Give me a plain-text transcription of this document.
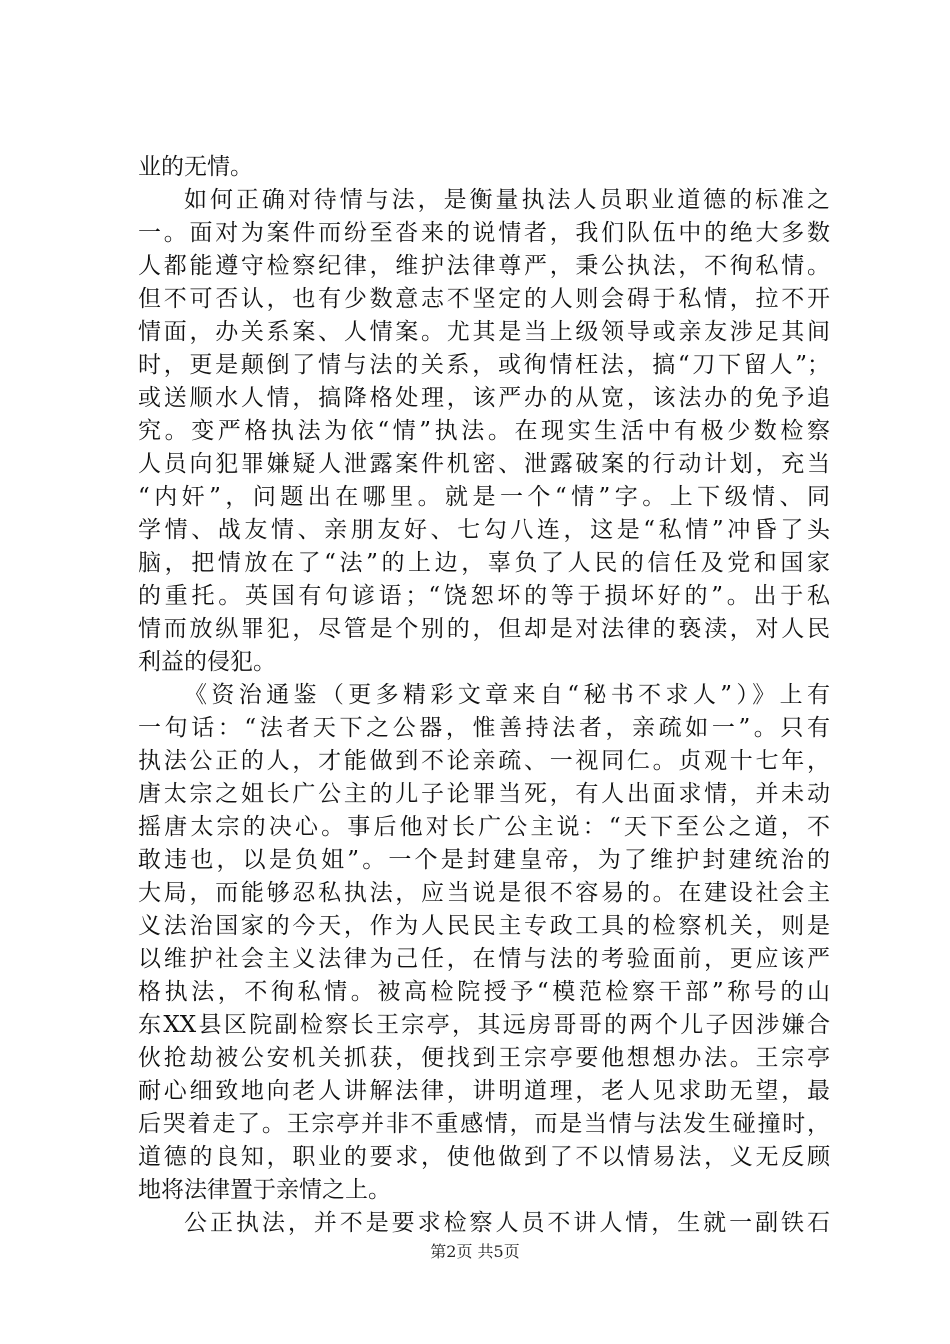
业的无情。
如何正确对待情与法，是衡量执法人员职业道德的标准之
一。面对为案件而纷至沓来的说情者，我们队伍中的绝大多数
人都能遵守检察纪律，维护法律尊严，秉公执法，不徇私情。
但不可否认，也有少数意志不坚定的人则会碍于私情，拉不开
情面，办关系案、人情案。尤其是当上级领导或亲友涉足其间
时，更是颠倒了情与法的关系，或徇情枉法，搞“刀下留人”；
或送顺水人情，搞降格处理，该严办的从宽，该法办的免予追
究。变严格执法为依“情”执法。在现实生活中有极少数检察
人员向犯罪嫌疑人泄露案件机密、泄露破案的行动计划，充当
“内奸”，问题出在哪里。就是一个“情”字。上下级情、同
学情、战友情、亲朋友好、七勾八连，这是“私情”冲昏了头
脑，把情放在了“法”的上边，辜负了人民的信任及党和国家
的重托。英国有句谚语；“饶恕坏的等于损坏好的”。出于私
情而放纵罪犯，尽管是个别的，但却是对法律的亵渎，对人民
利益的侵犯。
《资治通鉴（更多精彩文章来自“秘书不求人”）》上有
一句话：“法者天下之公器，惟善持法者，亲疏如一”。只有
执法公正的人，才能做到不论亲疏、一视同仁。贞观十七年，
唐太宗之姐长广公主的儿子论罪当死，有人出面求情，并未动
摇唐太宗的决心。事后他对长广公主说：“天下至公之道，不
敢违也，以是负姐”。一个是封建皇帝，为了维护封建统治的
大局，而能够忍私执法，应当说是很不容易的。在建设社会主
义法治国家的今天，作为人民民主专政工具的检察机关，则是
以维护社会主义法律为己任，在情与法的考验面前，更应该严
格执法，不徇私情。被高检院授予“模范检察干部”称号的山
东XX县区院副检察长王宗亭，其远房哥哥的两个儿子因涉嫌合
伙抢劫被公安机关抓获，便找到王宗亭要他想想办法。王宗亭
耐心细致地向老人讲解法律，讲明道理，老人见求助无望，最
后哭着走了。王宗亭并非不重感情，而是当情与法发生碰撞时，
道德的良知，职业的要求，使他做到了不以情易法，义无反顾
地将法律置于亲情之上。
公正执法，并不是要求检察人员不讲人情，生就一副铁石
第2页 共5页
